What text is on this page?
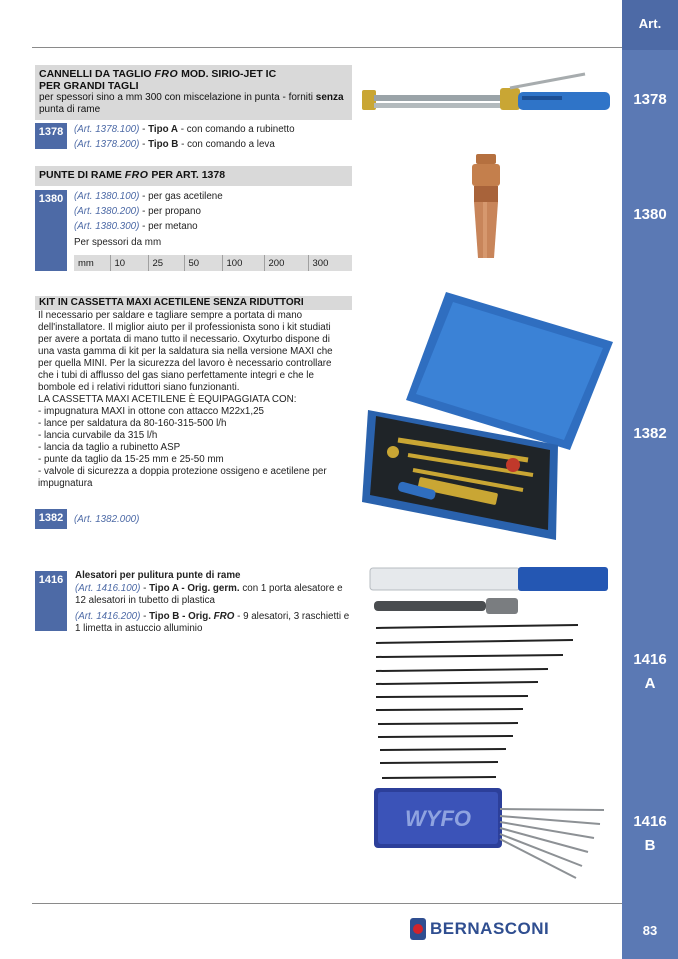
Art.
1378
1380
1382
1416
A
1416
B
83
CANNELLI DA TAGLIO FRO MOD. SIRIO-JET IC
PER GRANDI TAGLI
per spessori sino a mm 300 con miscelazione in punta - forniti senza
punta di rame
1378	(Art. 1378.100) - Tipo A - con comando a rubinetto
(Art. 1378.200) - Tipo B - con comando a leva
PUNTE DI RAME FRO PER ART. 1378
1380	(Art. 1380.100) - per gas acetilene
(Art. 1380.200) - per propano
(Art. 1380.300) - per metano
Per spessori da mm
mm	10	25	50	100	200	300
KIT IN CASSETTA MAXI ACETILENE SENZA RIDUTTORI
Il necessario per saldare e tagliare sempre a portata di mano
dell'installatore. Il miglior aiuto per il professionista sono i kit studiati
per avere a portata di mano tutto il necessario. Oxyturbo dispone di
una vasta gamma di kit per la saldatura sia nella versione MAXI che
per quella MINI. Per la sicurezza del lavoro è necessario controllare
che i tubi di afflusso del gas siano perfettamente integri e che le
bombole ed i relativi riduttori siano funzionanti.
LA CASSETTA MAXI ACETILENE È EQUIPAGGIATA CON:
- impugnatura MAXI in ottone con attacco M22x1,25
- lance per saldatura da 80-160-315-500 l/h
- lancia curvabile da 315 l/h
- lancia da taglio a rubinetto ASP
- punte da taglio da 15-25 mm e 25-50 mm
- valvole di sicurezza a doppia protezione ossigeno e acetilene per
impugnatura
1382	(Art. 1382.000)
1416	Alesatori per pulitura punte di rame
(Art. 1416.100) - Tipo A - Orig. germ. con 1 porta alesatore e
12 alesatori in tubetto di plastica
(Art. 1416.200) - Tipo B - Orig. FRO - 9 alesatori, 3 raschietti e
1 limetta in astuccio alluminio
WYFO
BERNASCONI
